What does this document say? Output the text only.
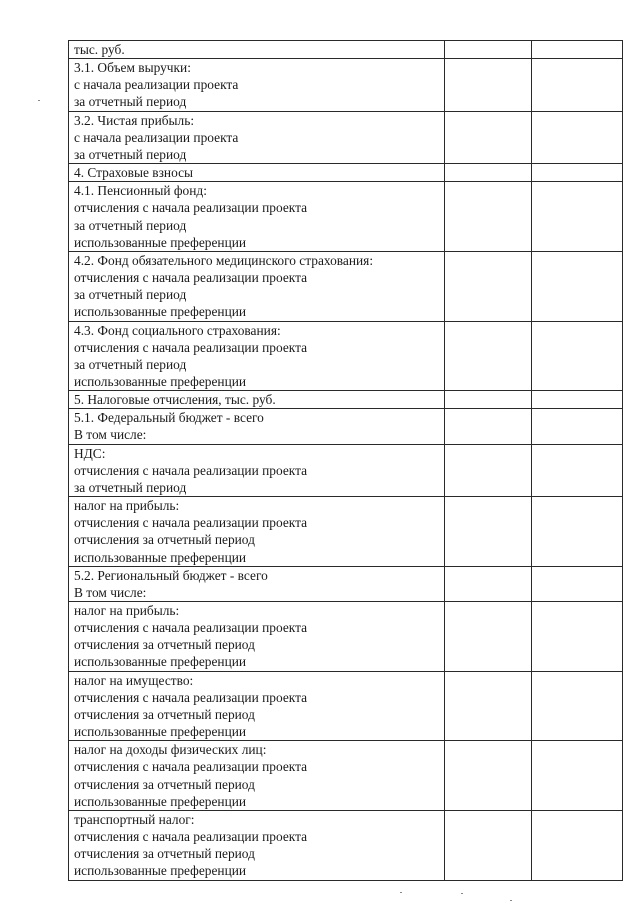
тыс. руб.		

3.1. Объем выручки:
с начала реализации проекта
за отчетный период		

3.2. Чистая прибыль:
с начала реализации проекта
за отчетный период		

4. Страховые взносы		

4.1. Пенсионный фонд:
отчисления с начала реализации проекта
за отчетный период
использованные преференции		

4.2. Фонд обязательного медицинского страхования:
отчисления с начала реализации проекта
за отчетный период
использованные преференции		

4.3. Фонд социального страхования:
отчисления с начала реализации проекта
за отчетный период
использованные преференции		

5. Налоговые отчисления, тыс. руб.		

5.1. Федеральный бюджет - всего
В том числе:		

НДС:
отчисления с начала реализации проекта
за отчетный период		

налог на прибыль:
отчисления с начала реализации проекта
отчисления за отчетный период
использованные преференции		

5.2. Региональный бюджет - всего
В том числе:		

налог на прибыль:
отчисления с начала реализации проекта
отчисления за отчетный период
использованные преференции		

налог на имущество:
отчисления с начала реализации проекта
отчисления за отчетный период
использованные преференции		

налог на доходы физических лиц:
отчисления с начала реализации проекта
отчисления за отчетный период
использованные преференции		

транспортный налог:
отчисления с начала реализации проекта
отчисления за отчетный период
использованные преференции		
